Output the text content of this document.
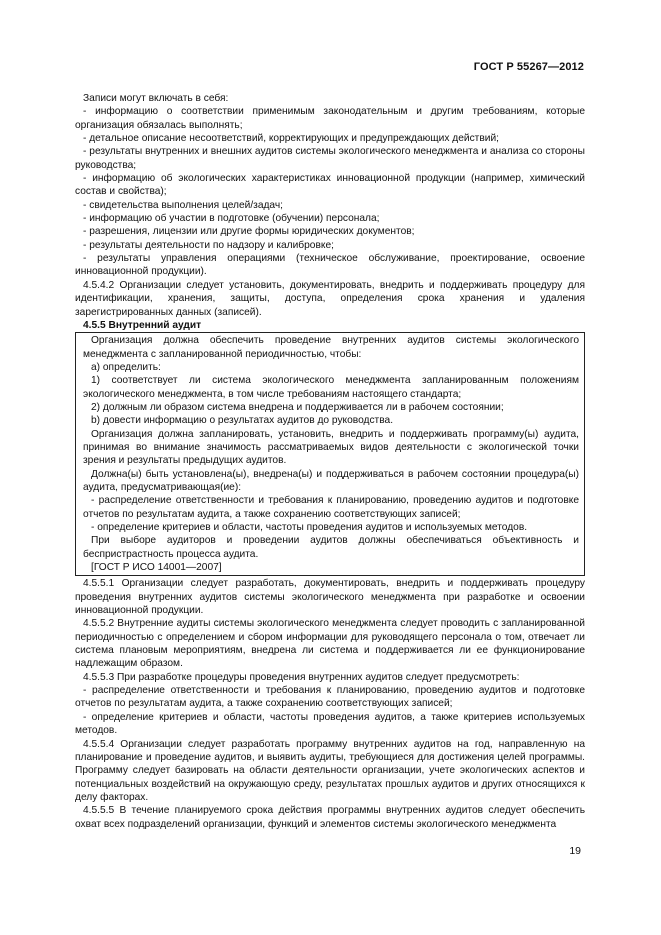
ГОСТ Р 55267—2012

Записи могут включать в себя:

- информацию о соответствии применимым законодательным и другим требованиям, которые организация обязалась выполнять;

- детальное описание несоответствий, корректирующих и предупреждающих действий;

- результаты внутренних и внешних аудитов системы экологического менеджмента и анализа со стороны руководства;

- информацию об экологических характеристиках инновационной продукции (например, химический состав и свойства);

- свидетельства выполнения целей/задач;

- информацию об участии в подготовке (обучении) персонала;

- разрешения, лицензии или другие формы юридических документов;

- результаты деятельности по надзору и калибровке;

- результаты управления операциями (техническое обслуживание, проектирование, освоение инновационной продукции).

4.5.4.2 Организации следует установить, документировать, внедрить и поддерживать процедуру для идентификации, хранения, защиты, доступа, определения срока хранения и удаления зарегистрированных данных (записей).

4.5.5 Внутренний аудит

Организация должна обеспечить проведение внутренних аудитов системы экологического менеджмента с запланированной периодичностью, чтобы:

a) определить:

1) соответствует ли система экологического менеджмента запланированным положениям экологического менеджмента, в том числе требованиям настоящего стандарта;

2) должным ли образом система внедрена и поддерживается ли в рабочем состоянии;

b) довести информацию о результатах аудитов до руководства.

Организация должна запланировать, установить, внедрить и поддерживать программу(ы) аудита, принимая во внимание значимость рассматриваемых видов деятельности с экологической точки зрения и результаты предыдущих аудитов.

Должна(ы) быть установлена(ы), внедрена(ы) и поддерживаться в рабочем состоянии процедура(ы) аудита, предусматривающая(ие):

- распределение ответственности и требования к планированию, проведению аудитов и подготовке отчетов по результатам аудита, а также сохранению соответствующих записей;

- определение критериев и области, частоты проведения аудитов и используемых методов.

При выборе аудиторов и проведении аудитов должны обеспечиваться объективность и беспристрастность процесса аудита.

[ГОСТ Р ИСО 14001—2007]

4.5.5.1 Организации следует разработать, документировать, внедрить и поддерживать процедуру проведения внутренних аудитов системы экологического менеджмента при разработке и освоении инновационной продукции.

4.5.5.2 Внутренние аудиты системы экологического менеджмента следует проводить с запланированной периодичностью с определением и сбором информации для руководящего персонала о том, отвечает ли система плановым мероприятиям, внедрена ли система и поддерживается ли ее функционирование надлежащим образом.

4.5.5.3 При разработке процедуры проведения внутренних аудитов следует предусмотреть:

- распределение ответственности и требования к планированию, проведению аудитов и подготовке отчетов по результатам аудита, а также сохранению соответствующих записей;

- определение критериев и области, частоты проведения аудитов, а также критериев используемых методов.

4.5.5.4 Организации следует разработать программу внутренних аудитов на год, направленную на планирование и проведение аудитов, и выявить аудиты, требующиеся для достижения целей программы. Программу следует базировать на области деятельности организации, учете экологических аспектов и потенциальных воздействий на окружающую среду, результатах прошлых аудитов и других относящихся к делу факторах.

4.5.5.5 В течение планируемого срока действия программы внутренних аудитов следует обеспечить охват всех подразделений организации, функций и элементов системы экологического менеджмента

19
